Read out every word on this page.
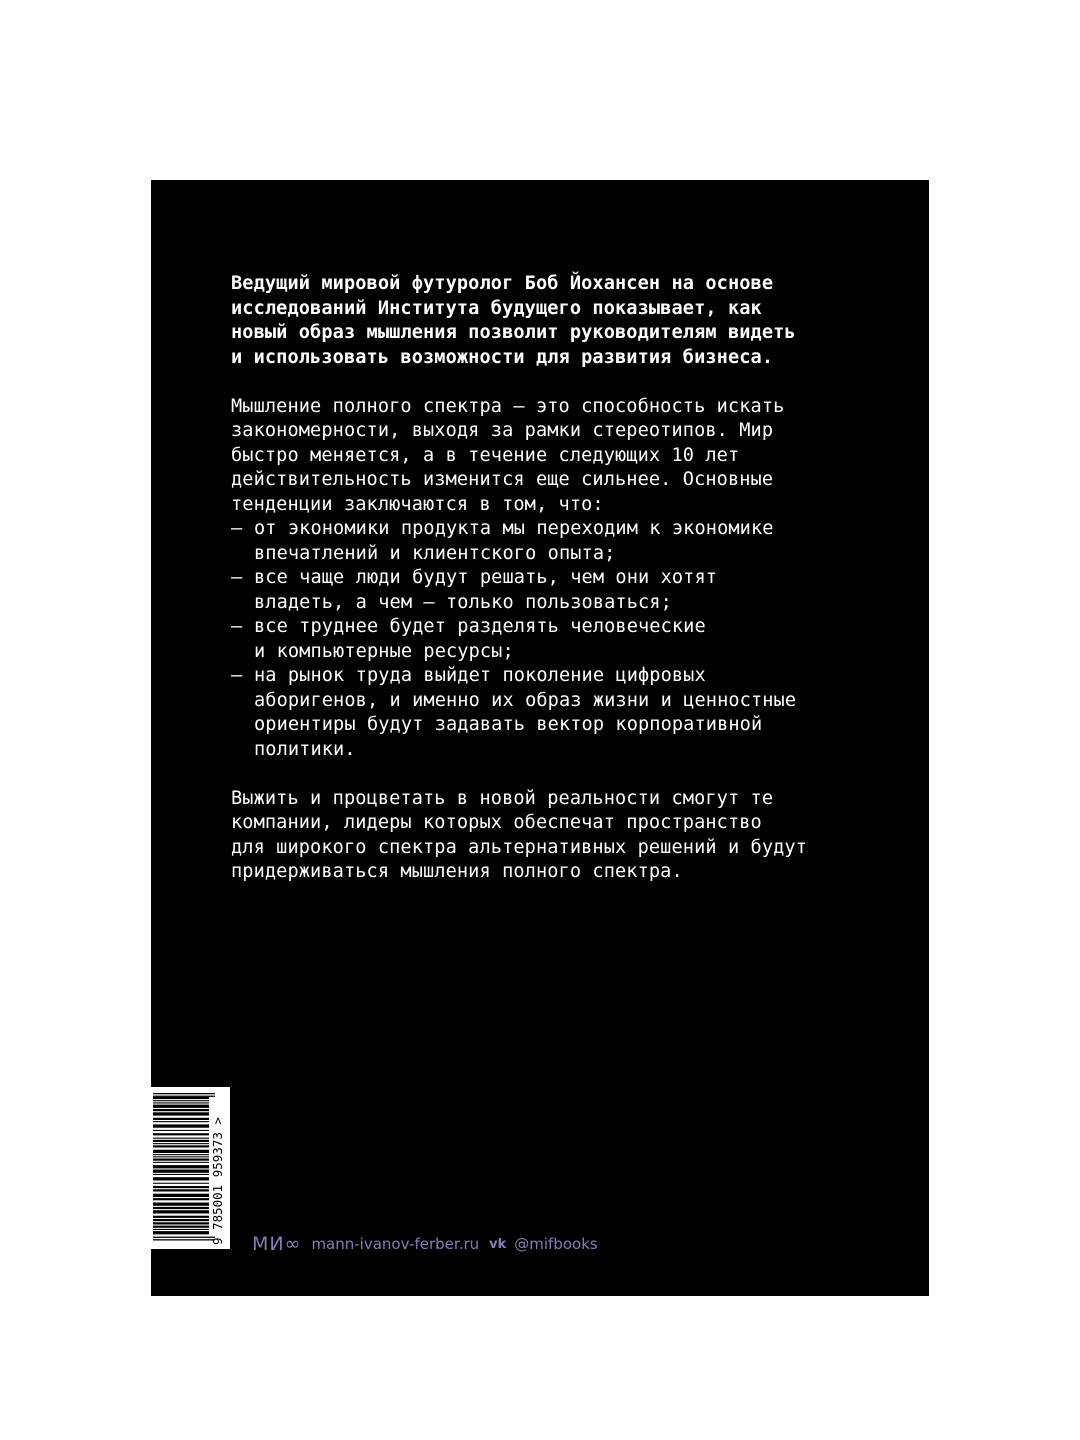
Ведущий мировой футуролог Боб Йохансен на основе
исследований Института будущего показывает, как
новый образ мышления позволит руководителям видеть
и использовать возможности для развития бизнеса.
Мышление полного спектра — это способность искать
закономерности, выходя за рамки стереотипов. Мир
быстро меняется, а в течение следующих 10 лет
действительность изменится еще сильнее. Основные
тенденции заключаются в том, что:
— от экономики продукта мы переходим к экономике
впечатлений и клиентского опыта;
— все чаще люди будут решать, чем они хотят
владеть, а чем — только пользоваться;
— все труднее будет разделять человеческие
и компьютерные ресурсы;
— на рынок труда выйдет поколение цифровых
аборигенов, и именно их образ жизни и ценностные
ориентиры будут задавать вектор корпоративной
политики.
Выжить и процветать в новой реальности смогут те
компании, лидеры которых обеспечат пространство
для широкого спектра альтернативных решений и будут
придерживаться мышления полного спектра.
9 785001 959373 > МИ∞ mann-ivanov-ferber.ru vk @mifbooks
